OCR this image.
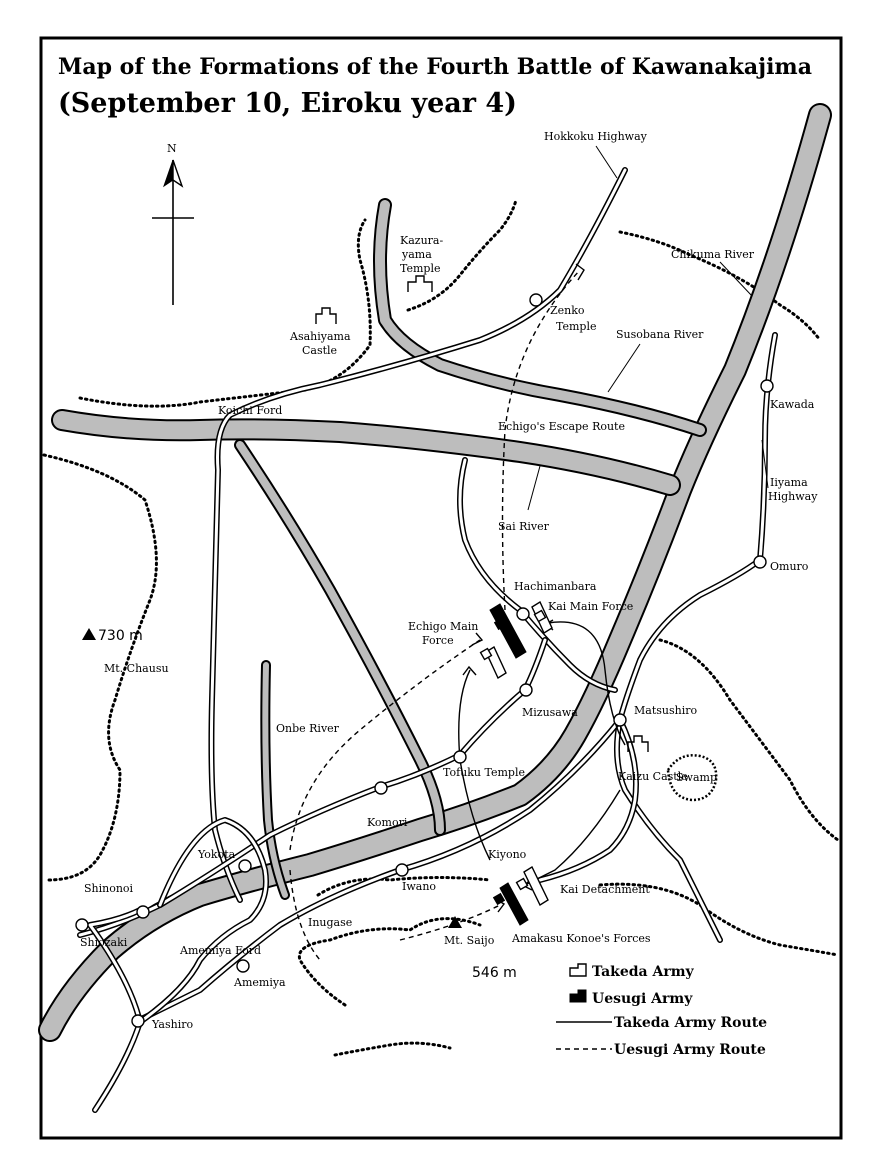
Map of the Formations of the Fourth Battle of Kawanakajima
(September 10, Eiroku year 4)
N
Hokkoku Highway
Chikuma River
Susobana River
Sai River
Onbe River
Kazura-
yama
Temple
Zenko
Temple
Asahiyama
Castle
Koichi Ford	Kawada
Echigo's Escape Route
Iiyama
Highway
Omuro
Hachimanbara
Kai Main Force
Echigo Main
Force
730 m
Mt. Chausu
Mizusawa	Matsushiro
Kaizu Castle
Swamp
Tofuku Temple
Komori
Kiyono
Yokota
Shinonoi	Iwano	Kai Detachment
Inugase
Shiozaki	Mt. Saijo Amakasu Konoe's Forces
Amemiya Ford
546 m
Amemiya
Yashiro
Takeda Army
Uesugi Army
Takeda Army Route
Uesugi Army Route
